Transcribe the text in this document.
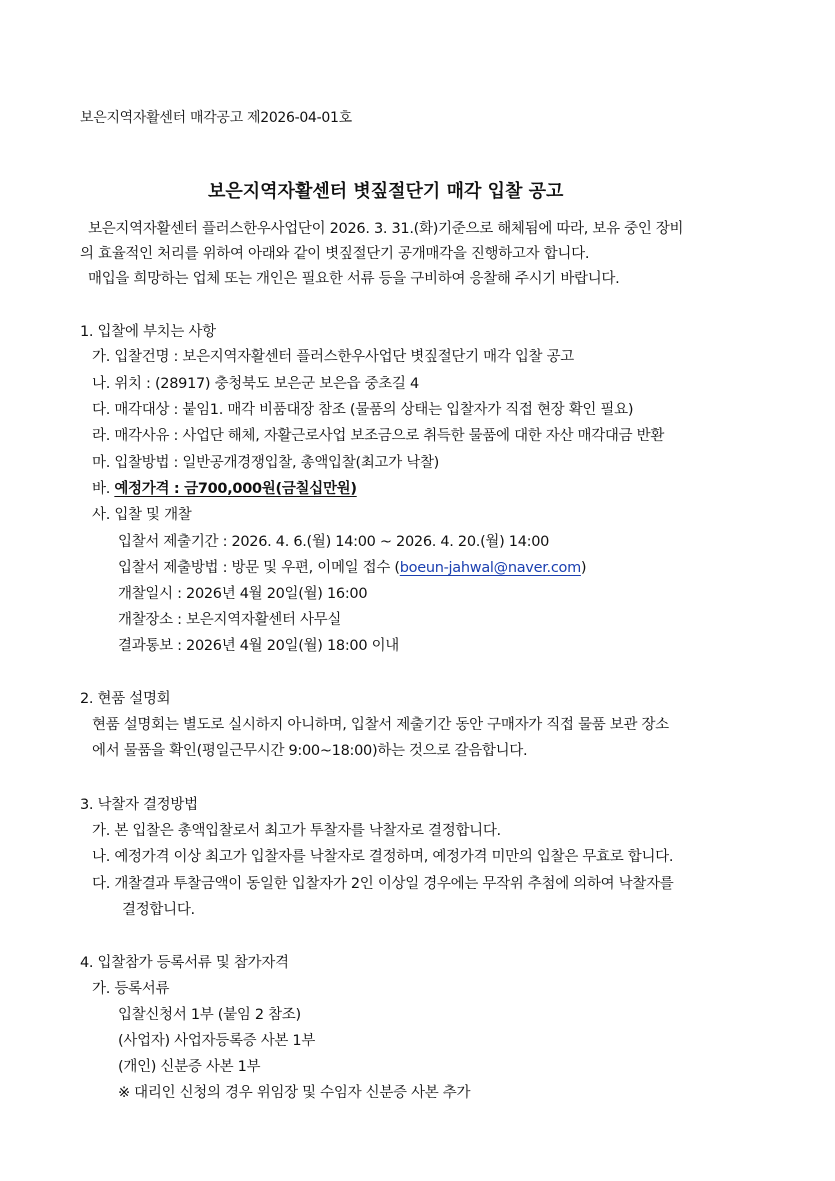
보은지역자활센터 매각공고 제2026-04-01호
보은지역자활센터 볏짚절단기 매각 입찰 공고
보은지역자활센터 플러스한우사업단이 2026. 3. 31.(화)기준으로 해체됨에 따라, 보유 중인 장비
의 효율적인 처리를 위하여 아래와 같이 볏짚절단기 공개매각을 진행하고자 합니다.
매입을 희망하는 업체 또는 개인은 필요한 서류 등을 구비하여 응찰해 주시기 바랍니다.
1. 입찰에 부치는 사항
가. 입찰건명 : 보은지역자활센터 플러스한우사업단 볏짚절단기 매각 입찰 공고
나. 위치 : (28917) 충청북도 보은군 보은읍 중초길 4
다. 매각대상 : 붙임1. 매각 비품대장 참조 (물품의 상태는 입찰자가 직접 현장 확인 필요)
라. 매각사유 : 사업단 해체, 자활근로사업 보조금으로 취득한 물품에 대한 자산 매각대금 반환
마. 입찰방법 : 일반공개경쟁입찰, 총액입찰(최고가 낙찰)
바. 예정가격 : 금700,000원(금칠십만원)
사. 입찰 및 개찰
입찰서 제출기간 : 2026. 4. 6.(월) 14:00 ~ 2026. 4. 20.(월) 14:00
입찰서 제출방법 : 방문 및 우편, 이메일 접수 (boeun-jahwal@naver.com)
개찰일시 : 2026년 4월 20일(월) 16:00
개찰장소 : 보은지역자활센터 사무실
결과통보 : 2026년 4월 20일(월) 18:00 이내
2. 현품 설명회
현품 설명회는 별도로 실시하지 아니하며, 입찰서 제출기간 동안 구매자가 직접 물품 보관 장소
에서 물품을 확인(평일근무시간 9:00~18:00)하는 것으로 갈음합니다.
3. 낙찰자 결정방법
가. 본 입찰은 총액입찰로서 최고가 투찰자를 낙찰자로 결정합니다.
나. 예정가격 이상 최고가 입찰자를 낙찰자로 결정하며, 예정가격 미만의 입찰은 무효로 합니다.
다. 개찰결과 투찰금액이 동일한 입찰자가 2인 이상일 경우에는 무작위 추첨에 의하여 낙찰자를
결정합니다.
4. 입찰참가 등록서류 및 참가자격
가. 등록서류
입찰신청서 1부 (붙임 2 참조)
(사업자) 사업자등록증 사본 1부
(개인) 신분증 사본 1부
※ 대리인 신청의 경우 위임장 및 수임자 신분증 사본 추가
